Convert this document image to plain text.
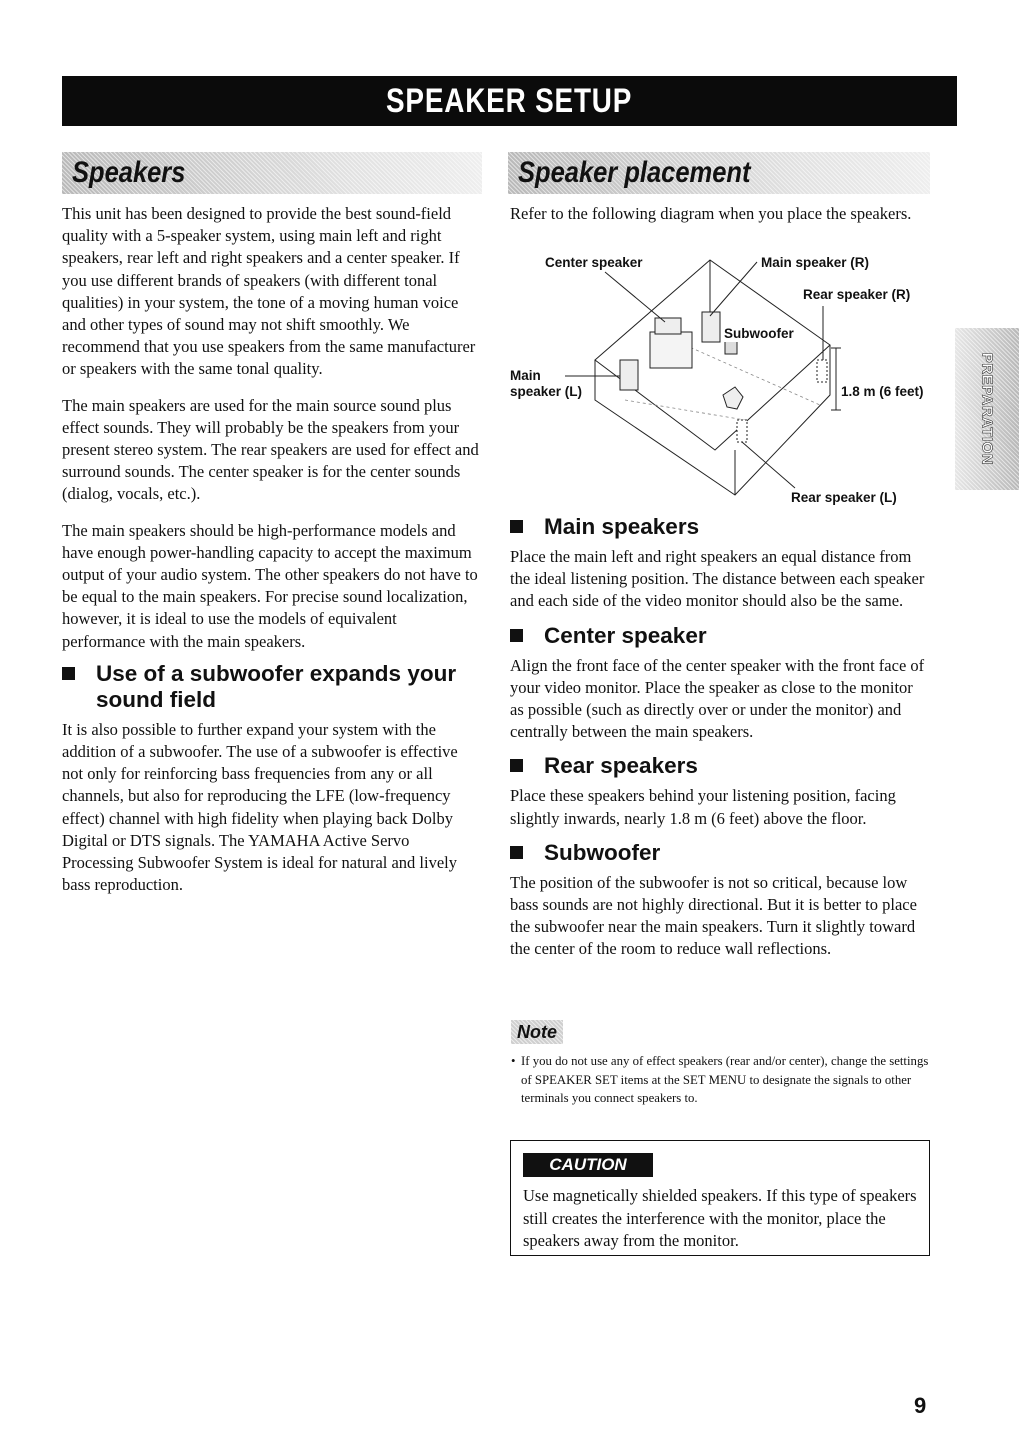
SPEAKER SETUP
Speakers

This unit has been designed to provide the best sound-field quality with a 5-speaker system, using main left and right speakers, rear left and right speakers and a center speaker. If you use different brands of speakers (with different tonal qualities) in your system, the tone of a moving human voice and other types of sound may not shift smoothly. We recommend that you use speakers from the same manufacturer or speakers with the same tonal quality.

The main speakers are used for the main source sound plus effect sounds. They will probably be the speakers from your present stereo system. The rear speakers are used for effect and surround sounds. The center speaker is for the center sounds (dialog, vocals, etc.).

The main speakers should be high-performance models and have enough power-handling capacity to accept the maximum output of your audio system. The other speakers do not have to be equal to the main speakers. For precise sound localization, however, it is ideal to use the models of equivalent performance with the main speakers.

Use of a subwoofer expands your sound field

It is also possible to further expand your system with the addition of a subwoofer. The use of a subwoofer is effective not only for reinforcing bass frequencies from any or all channels, but also for reproducing the LFE (low-frequency effect) channel with high fidelity when playing back Dolby Digital or DTS signals. The YAMAHA Active Servo Processing Subwoofer System is ideal for natural and lively bass reproduction.

Speaker placement

Refer to the following diagram when you place the speakers.

Center speaker	Main speaker (R)
Rear speaker (R)
Subwoofer
Main
speaker (L)	1.8 m (6 feet)
Rear speaker (L)
Main speakers

Place the main left and right speakers an equal distance from the ideal listening position. The distance between each speaker and each side of the video monitor should also be the same.

Center speaker

Align the front face of the center speaker with the front face of your video monitor. Place the speaker as close to the monitor as possible (such as directly over or under the monitor) and centrally between the main speakers.

Rear speakers

Place these speakers behind your listening position, facing slightly inwards, nearly 1.8 m (6 feet) above the floor.

Subwoofer

The position of the subwoofer is not so critical, because low bass sounds are not highly directional. But it is better to place the subwoofer near the main speakers. Turn it slightly toward the center of the room to reduce wall reflections.

Note
• If you do not use any of effect speakers (rear and/or center), change the settings of SPEAKER SET items at the SET MENU to designate the signals to other terminals you connect speakers to.
CAUTION
Use magnetically shielded speakers. If this type of speakers still creates the interference with the monitor, place the speakers away from the monitor.
PREPARATION
9
